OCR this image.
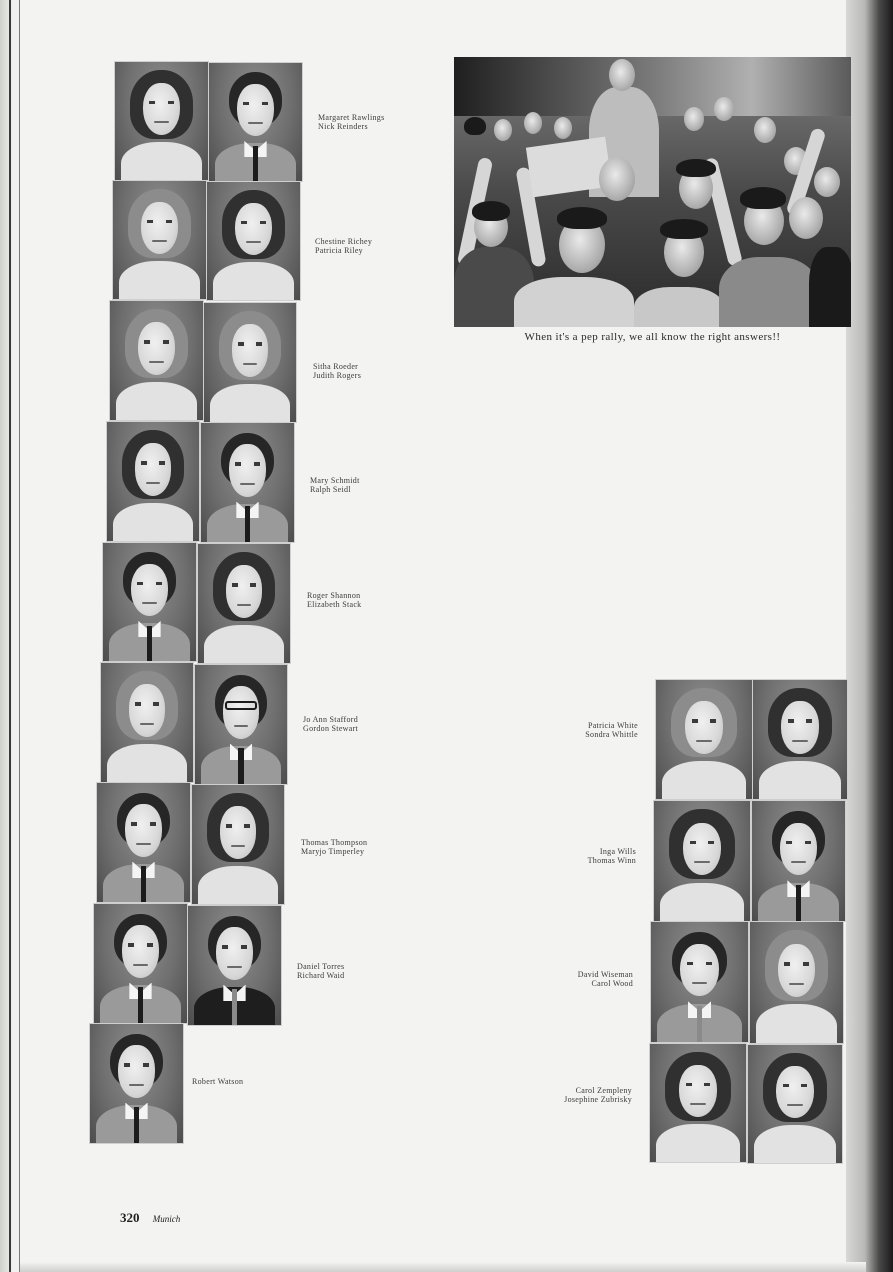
Margaret Rawlings
Nick Reinders
Chestine Richey
Patricia Riley
Sitha Roeder
Judith Rogers
Mary Schmidt
Ralph Seidl
Roger Shannon
Elizabeth Stack
Jo Ann Stafford
Gordon Stewart
Thomas Thompson
Maryjo Timperley
Daniel Torres
Richard Waid
Robert Watson
When it's a pep rally, we all know the right answers!!
Patricia White
Sondra Whittle
Inga Wills
Thomas Winn
David Wiseman
Carol Wood
Carol Zempleny
Josephine Zubrisky
320 Munich
